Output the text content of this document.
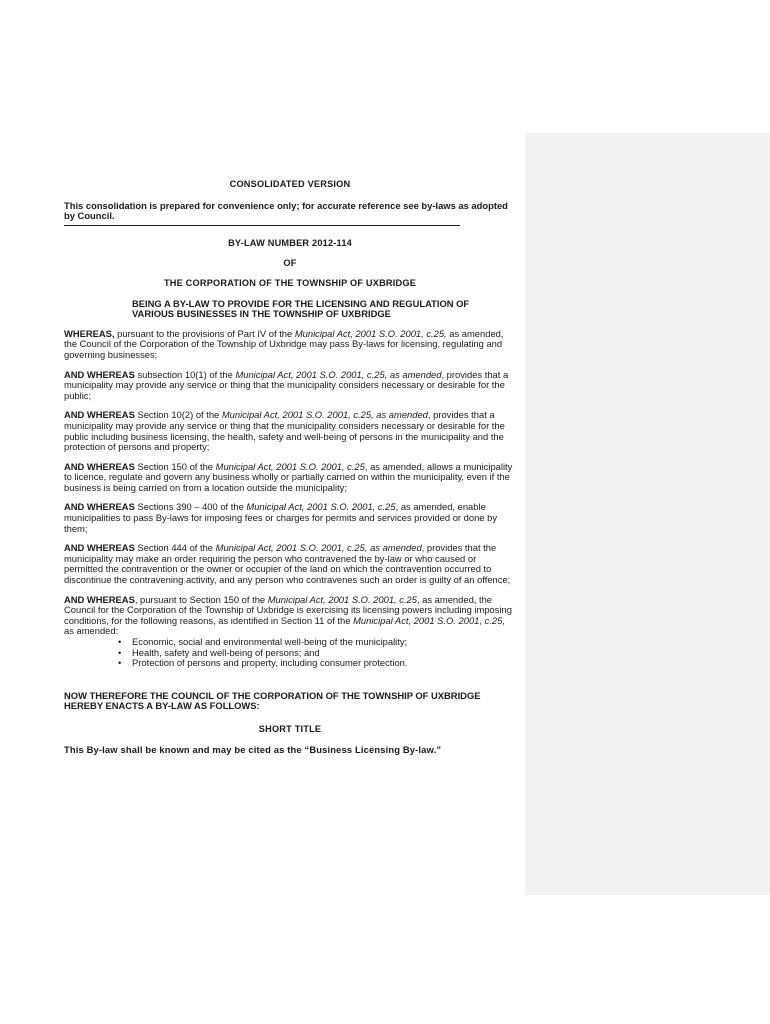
CONSOLIDATED VERSION
This consolidation is prepared for convenience only; for accurate reference see by-laws as adopted by Council.
BY-LAW NUMBER 2012-114
OF
THE CORPORATION OF THE TOWNSHIP OF UXBRIDGE
BEING A BY-LAW TO PROVIDE FOR THE LICENSING AND REGULATION OF VARIOUS BUSINESSES IN THE TOWNSHIP OF UXBRIDGE
WHEREAS, pursuant to the provisions of Part IV of the Municipal Act, 2001 S.O. 2001, c.25, as amended, the Council of the Corporation of the Township of Uxbridge may pass By-laws for licensing, regulating and governing businesses;
AND WHEREAS subsection 10(1) of the Municipal Act, 2001 S.O. 2001, c.25, as amended, provides that a municipality may provide any service or thing that the municipality considers necessary or desirable for the public;
AND WHEREAS Section 10(2) of the Municipal Act, 2001 S.O. 2001, c.25, as amended, provides that a municipality may provide any service or thing that the municipality considers necessary or desirable for the public including business licensing, the health, safety and well-being of persons in the municipality and the protection of persons and property;
AND WHEREAS Section 150 of the Municipal Act, 2001 S.O. 2001, c.25, as amended, allows a municipality to licence, regulate and govern any business wholly or partially carried on within the municipality, even if the business is being carried on from a location outside the municipality;
AND WHEREAS Sections 390 – 400 of the Municipal Act, 2001 S.O. 2001, c.25, as amended, enable municipalities to pass By-laws for imposing fees or charges for permits and services provided or done by them;
AND WHEREAS Section 444 of the Municipal Act, 2001 S.O. 2001, c.25, as amended, provides that the municipality may make an order requiring the person who contravened the by-law or who caused or permitted the contravention or the owner or occupier of the land on which the contravention occurred to discontinue the contravening activity, and any person who contravenes such an order is guilty of an offence;
AND WHEREAS, pursuant to Section 150 of the Municipal Act, 2001 S.O. 2001, c.25, as amended, the Council for the Corporation of the Township of Uxbridge is exercising its licensing powers including imposing conditions, for the following reasons, as identified in Section 11 of the Municipal Act, 2001 S.O. 2001, c.25, as amended:
• Economic, social and environmental well-being of the municipality;
• Health, safety and well-being of persons; and
• Protection of persons and property, including consumer protection.
NOW THEREFORE THE COUNCIL OF THE CORPORATION OF THE TOWNSHIP OF UXBRIDGE HEREBY ENACTS A BY-LAW AS FOLLOWS:
SHORT TITLE
This By-law shall be known and may be cited as the “Business Licensing By-law.”
